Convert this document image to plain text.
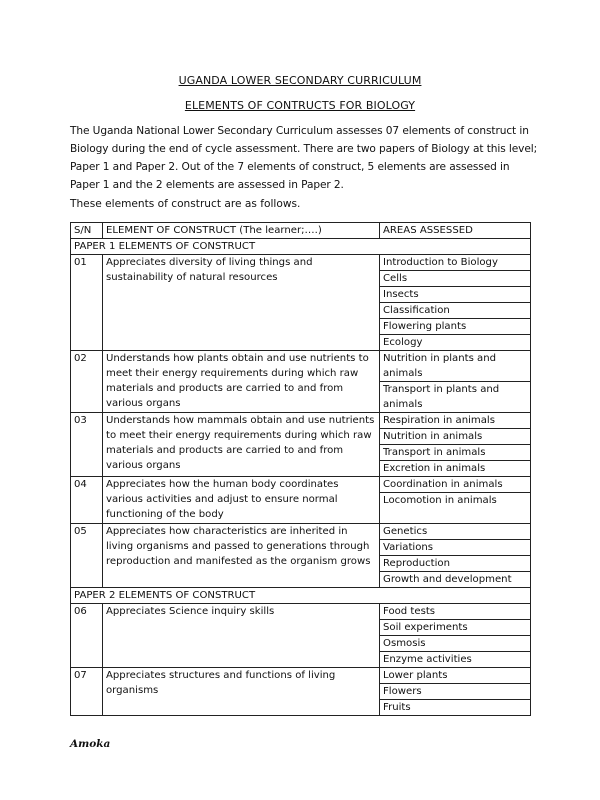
UGANDA LOWER SECONDARY CURRICULUM
ELEMENTS OF CONTRUCTS FOR BIOLOGY
The Uganda National Lower Secondary Curriculum assesses 07 elements of construct in Biology during the end of cycle assessment. There are two papers of Biology at this level; Paper 1 and Paper 2. Out of the 7 elements of construct, 5 elements are assessed in Paper 1 and the 2 elements are assessed in Paper 2.
These elements of construct are as follows.
S/N	ELEMENT OF CONSTRUCT (The learner;….)	AREAS ASSESSED
PAPER 1 ELEMENTS OF CONSTRUCT		
01	Appreciates diversity of living things and sustainability of natural resources	Introduction to Biology
		Cells
		Insects
		Classification
		Flowering plants
		Ecology
02	Understands how plants obtain and use nutrients to meet their energy requirements during which raw materials and products are carried to and from various organs	Nutrition in plants and animals
		Transport in plants and animals
03	Understands how mammals obtain and use nutrients to meet their energy requirements during which raw materials and products are carried to and from various organs	Respiration in animals
		Nutrition in animals
		Transport in animals
		Excretion in animals
04	Appreciates how the human body coordinates various activities and adjust to ensure normal functioning of the body	Coordination in animals
		Locomotion in animals
05	Appreciates how characteristics are inherited in living organisms and passed to generations through reproduction and manifested as the organism grows	Genetics
		Variations
		Reproduction
		Growth and development
PAPER 2 ELEMENTS OF CONSTRUCT		
06	Appreciates Science inquiry skills	Food tests
		Soil experiments
		Osmosis
		Enzyme activities
07	Appreciates structures and functions of living organisms	Lower plants
		Flowers
		Fruits
Amoka
